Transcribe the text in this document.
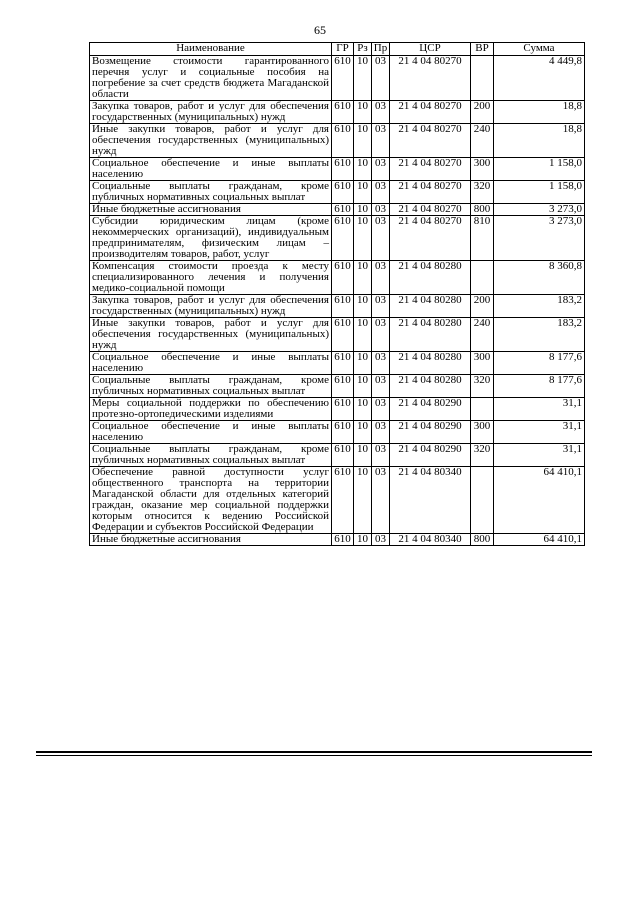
65
Наименование	ГР	Рз	Пр	ЦСР	ВР	Сумма
Возмещение стоимости гарантированного перечня услуг и социальные пособия на погребение за счет средств бюджета Магаданской области	610	10	03	21 4 04 80270		4 449,8
Закупка товаров, работ и услуг для обеспечения государственных (муниципальных) нужд	610	10	03	21 4 04 80270	200	18,8
Иные закупки товаров, работ и услуг для обеспечения государственных (муниципальных) нужд	610	10	03	21 4 04 80270	240	18,8
Социальное обеспечение и иные выплаты населению	610	10	03	21 4 04 80270	300	1 158,0
Социальные выплаты гражданам, кроме публичных нормативных социальных выплат	610	10	03	21 4 04 80270	320	1 158,0
Иные бюджетные ассигнования	610	10	03	21 4 04 80270	800	3 273,0
Субсидии юридическим лицам (кроме некоммерческих организаций), индивидуальным предпринимателям, физическим лицам – производителям товаров, работ, услуг	610	10	03	21 4 04 80270	810	3 273,0
Компенсация стоимости проезда к месту специализированного лечения и получения медико-социальной помощи	610	10	03	21 4 04 80280		8 360,8
Закупка товаров, работ и услуг для обеспечения государственных (муниципальных) нужд	610	10	03	21 4 04 80280	200	183,2
Иные закупки товаров, работ и услуг для обеспечения государственных (муниципальных) нужд	610	10	03	21 4 04 80280	240	183,2
Социальное обеспечение и иные выплаты населению	610	10	03	21 4 04 80280	300	8 177,6
Социальные выплаты гражданам, кроме публичных нормативных социальных выплат	610	10	03	21 4 04 80280	320	8 177,6
Меры социальной поддержки по обеспечению протезно-ортопедическими изделиями	610	10	03	21 4 04 80290		31,1
Социальное обеспечение и иные выплаты населению	610	10	03	21 4 04 80290	300	31,1
Социальные выплаты гражданам, кроме публичных нормативных социальных выплат	610	10	03	21 4 04 80290	320	31,1
Обеспечение равной доступности услуг общественного транспорта на территории Магаданской области для отдельных категорий граждан, оказание мер социальной поддержки которым относится к ведению Российской Федерации и субъектов Российской Федерации	610	10	03	21 4 04 80340		64 410,1
Иные бюджетные ассигнования	610	10	03	21 4 04 80340	800	64 410,1
